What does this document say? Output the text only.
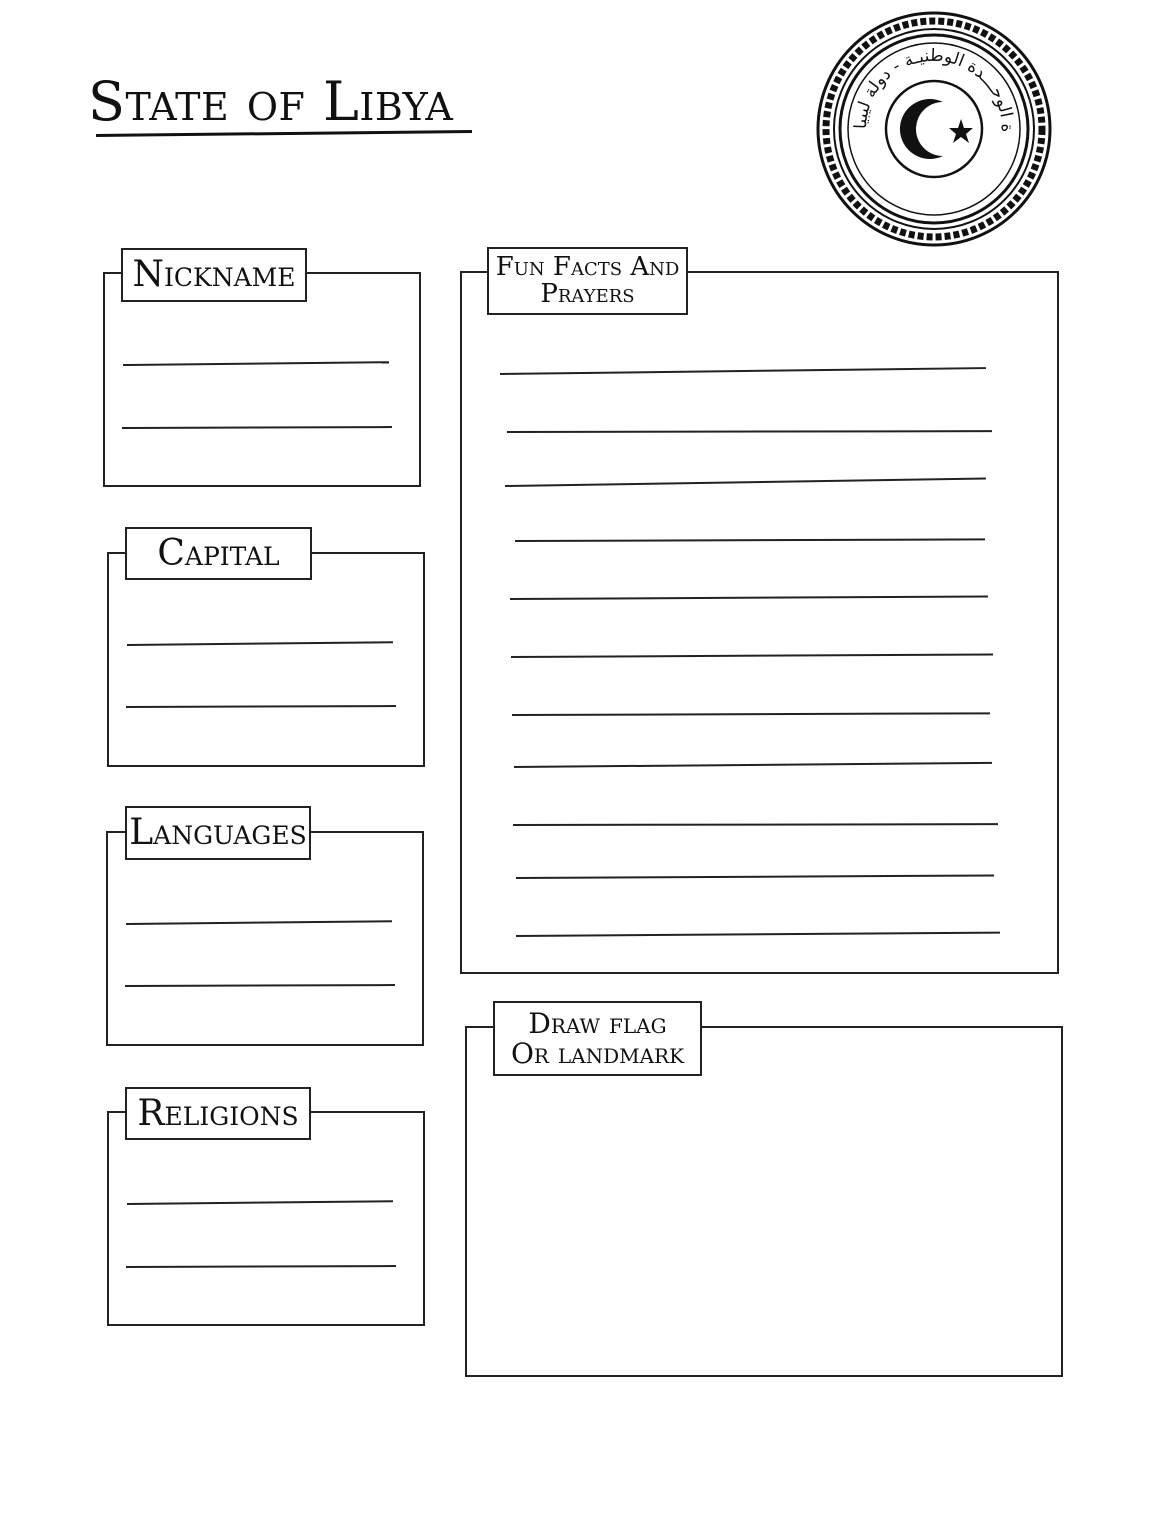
State of Libya	ة الوحـــدة الوطنيـة - دولة ليبيا
Nickname
Capital
Languages
Religions
Fun Facts And Prayers
Draw flag
Or landmark
